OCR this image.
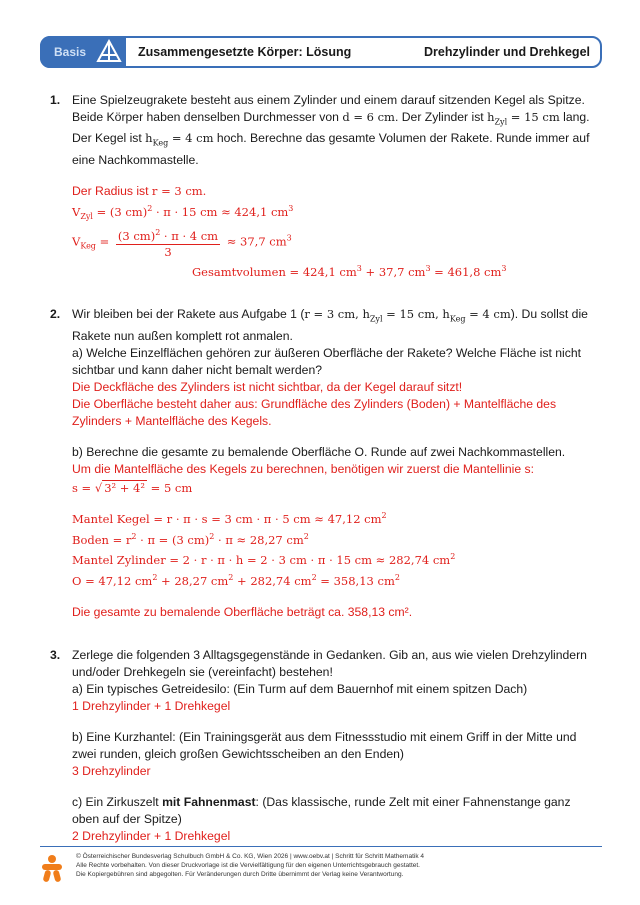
Basis	Zusammengesetzte Körper: Lösung	Drehzylinder und Drehkegel
1. Eine Spielzeugrakete besteht aus einem Zylinder und einem darauf sitzenden Kegel als Spitze. Beide Körper haben denselben Durchmesser von d = 6 cm. Der Zylinder ist $h_{Zyl} = 15$ cm lang. Der Kegel ist $h_{Keg} = 4$ cm hoch. Berechne das gesamte Volumen der Rakete. Runde immer auf eine Nachkommastelle.
Der Radius ist r = 3 cm.
$V_{Zyl} = (3$ cm)$^2$ · π · 15 cm ≈ 424,1 $cm^3$
$V_{Keg} = \frac{(3 cm)^2 \cdot \pi \cdot 4 cm}{3} \approx 37,7$ $cm^3$
Gesamtvolumen = 424,1 $cm^3 + 37,7$ $cm^3 = 461,8$ $cm^3$
2. Wir bleiben bei der Rakete aus Aufgabe 1 (r = 3 cm, $h_{Zyl} = 15$ cm, $h_{Keg} = 4$ cm). Du sollst die Rakete nun außen komplett rot anmalen.
a) Welche Einzelflächen gehören zur äußeren Oberfläche der Rakete? Welche Fläche ist nicht sichtbar und kann daher nicht bemalt werden?
Die Deckfläche des Zylinders ist nicht sichtbar, da der Kegel darauf sitzt!
Die Oberfläche besteht daher aus: Grundfläche des Zylinders (Boden) + Mantelfläche des Zylinders + Mantelfläche des Kegels.
b) Berechne die gesamte zu bemalende Oberfläche O. Runde auf zwei Nachkommastellen.
Um die Mantelfläche des Kegels zu berechnen, benötigen wir zuerst die Mantellinie s:
s = √ 3² + 4² = 5 cm
Mantel Kegel = r · π · s = 3 cm · π · 5 cm ≈ 47,12 $cm^2$
Boden = $r^2 \cdot \pi = (3$ cm)$^2$ · π ≈ 28,27 $cm^2$
Mantel Zylinder = 2 · r · π · h = 2 · 3 cm · π · 15 cm ≈ 282,74 $cm^2$
O = 47,12 $cm^2 + 28,27$ $cm^2 + 282,74$ $cm^2 = 358,13$ $cm^2$
Die gesamte zu bemalende Oberfläche beträgt ca. 358,13 cm².
3. Zerlege die folgenden 3 Alltagsgegenstände in Gedanken. Gib an, aus wie vielen Drehzylindern und/oder Drehkegeln sie (vereinfacht) bestehen!
a) Ein typisches Getreidesilo: (Ein Turm auf dem Bauernhof mit einem spitzen Dach)
1 Drehzylinder + 1 Drehkegel
b) Eine Kurzhantel: (Ein Trainingsgerät aus dem Fitnessstudio mit einem Griff in der Mitte und zwei runden, gleich großen Gewichtsscheiben an den Enden)
3 Drehzylinder
c) Ein Zirkuszelt mit Fahnenmast: (Das klassische, runde Zelt mit einer Fahnenstange ganz oben auf der Spitze)
2 Drehzylinder + 1 Drehkegel
© Österreichischer Bundesverlag Schulbuch GmbH & Co. KG, Wien 2026 | www.oebv.at | Schritt für Schritt Mathematik 4
Alle Rechte vorbehalten. Von dieser Druckvorlage ist die Vervielfältigung für den eigenen Unterrichtsgebrauch gestattet.
Die Kopiergebühren sind abgegolten. Für Veränderungen durch Dritte übernimmt der Verlag keine Verantwortung.
